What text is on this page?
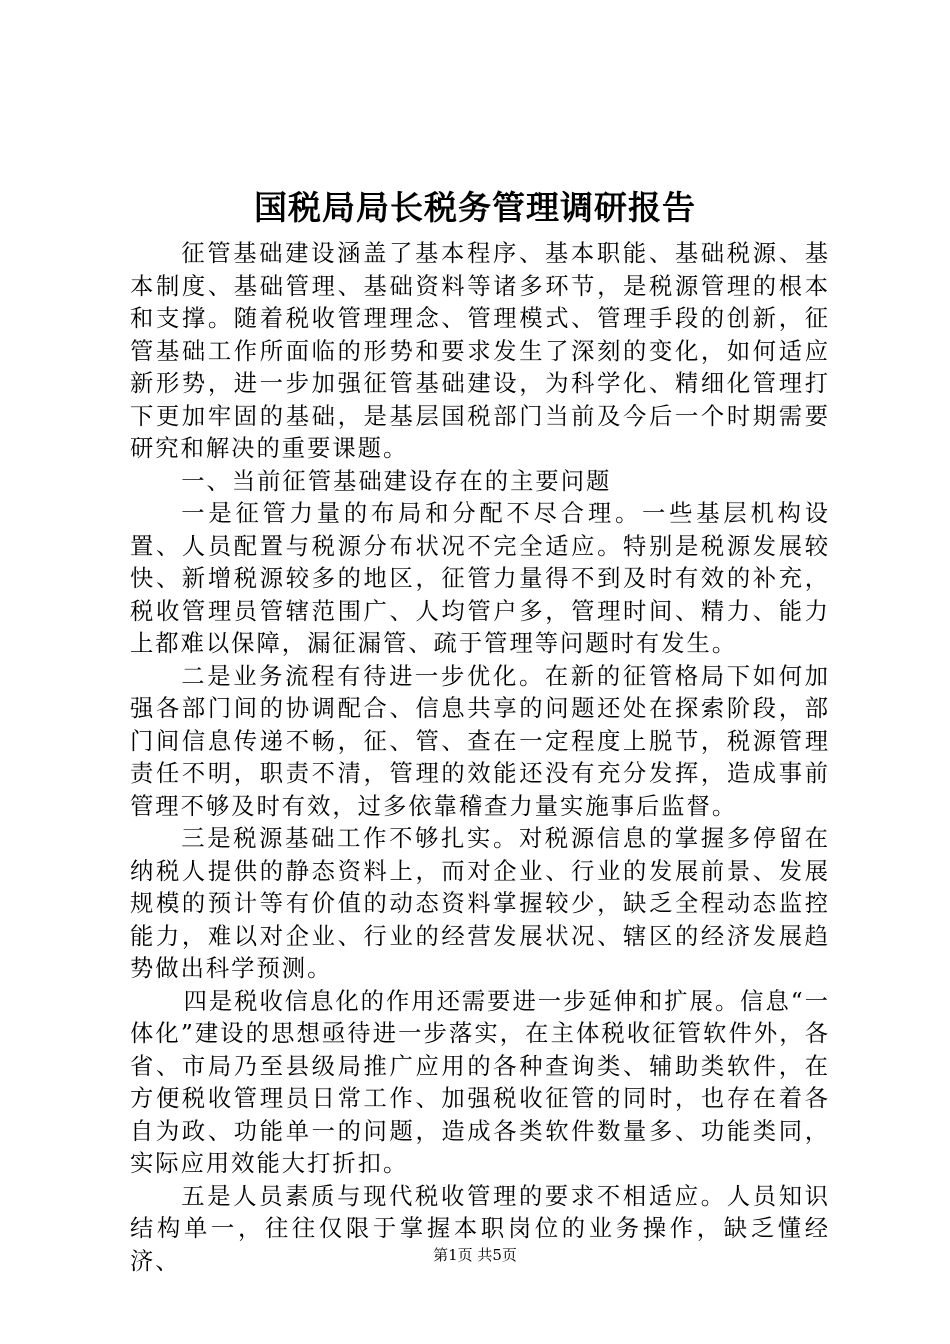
国税局局长税务管理调研报告

征管基础建设涵盖了基本程序、基本职能、基础税源、基本制度、基础管理、基础资料等诸多环节，是税源管理的根本和支撑。随着税收管理理念、管理模式、管理手段的创新，征管基础工作所面临的形势和要求发生了深刻的变化，如何适应新形势，进一步加强征管基础建设，为科学化、精细化管理打下更加牢固的基础，是基层国税部门当前及今后一个时期需要研究和解决的重要课题。

一、当前征管基础建设存在的主要问题

一是征管力量的布局和分配不尽合理。一些基层机构设置、人员配置与税源分布状况不完全适应。特别是税源发展较快、新增税源较多的地区，征管力量得不到及时有效的补充，税收管理员管辖范围广、人均管户多，管理时间、精力、能力上都难以保障，漏征漏管、疏于管理等问题时有发生。

二是业务流程有待进一步优化。在新的征管格局下如何加强各部门间的协调配合、信息共享的问题还处在探索阶段，部门间信息传递不畅，征、管、查在一定程度上脱节，税源管理责任不明，职责不清，管理的效能还没有充分发挥，造成事前管理不够及时有效，过多依靠稽查力量实施事后监督。

三是税源基础工作不够扎实。对税源信息的掌握多停留在纳税人提供的静态资料上，而对企业、行业的发展前景、发展规模的预计等有价值的动态资料掌握较少，缺乏全程动态监控能力，难以对企业、行业的经营发展状况、辖区的经济发展趋势做出科学预测。

四是税收信息化的作用还需要进一步延伸和扩展。信息“一体化”建设的思想亟待进一步落实，在主体税收征管软件外，各省、市局乃至县级局推广应用的各种查询类、辅助类软件，在方便税收管理员日常工作、加强税收征管的同时，也存在着各自为政、功能单一的问题，造成各类软件数量多、功能类同，实际应用效能大打折扣。

五是人员素质与现代税收管理的要求不相适应。人员知识结构单一，往往仅限于掌握本职岗位的业务操作，缺乏懂经济、	第1页 共5页
